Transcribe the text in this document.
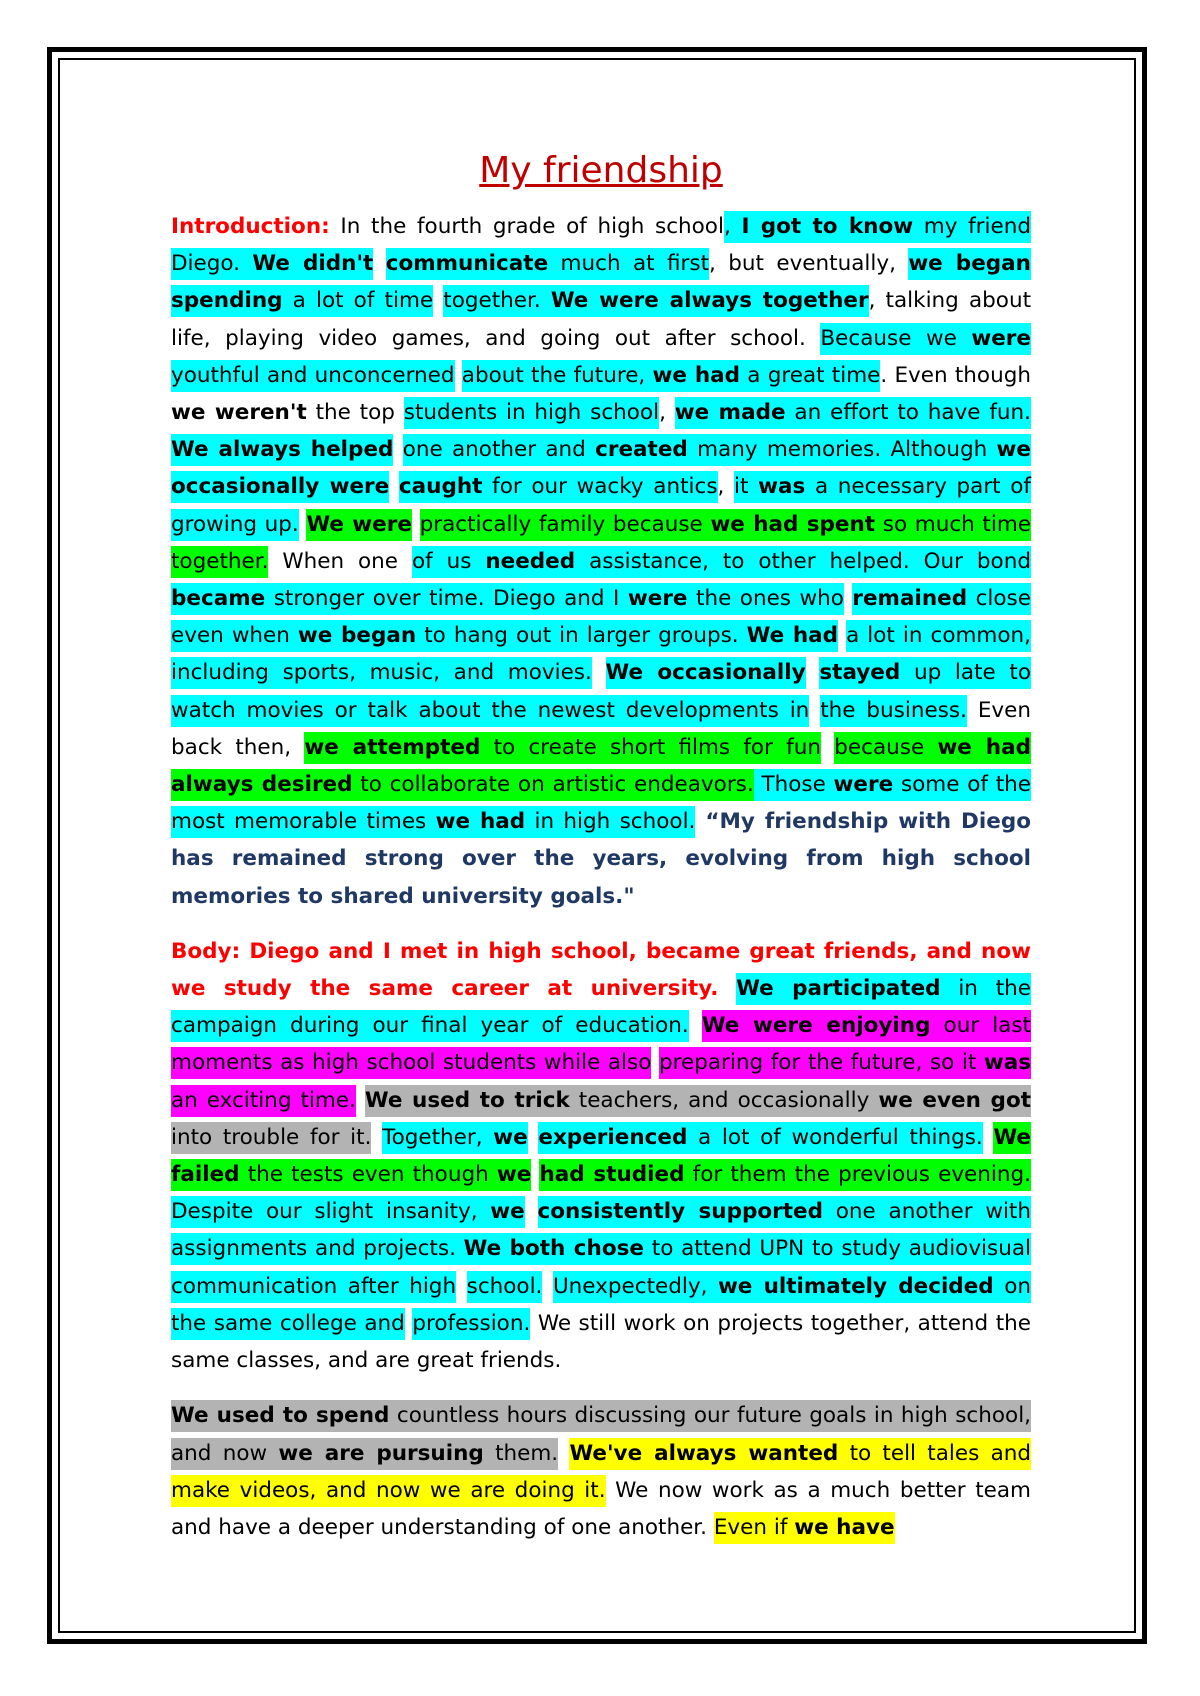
My friendship

Introduction: In the fourth grade of high school, I got to know my friend Diego. We didn't communicate much at first, but eventually, we began spending a lot of time together. We were always together, talking about life, playing video games, and going out after school. Because we were youthful and unconcerned about the future, we had a great time. Even though we weren't the top students in high school, we made an effort to have fun. We always helped one another and created many memories. Although we occasionally were caught for our wacky antics, it was a necessary part of growing up. We were practically family because we had spent so much time together. When one of us needed assistance, to other helped. Our bond became stronger over time. Diego and I were the ones who remained close even when we began to hang out in larger groups. We had a lot in common, including sports, music, and movies. We occasionally stayed up late to watch movies or talk about the newest developments in the business. Even back then, we attempted to create short films for fun because we had always desired to collaborate on artistic endeavors. Those were some of the most memorable times we had in high school. “My friendship with Diego has remained strong over the years, evolving from high school memories to shared university goals."

Body: Diego and I met in high school, became great friends, and now we study the same career at university. We participated in the campaign during our final year of education. We were enjoying our last moments as high school students while also preparing for the future, so it was an exciting time. We used to trick teachers, and occasionally we even got into trouble for it. Together, we experienced a lot of wonderful things. We failed the tests even though we had studied for them the previous evening. Despite our slight insanity, we consistently supported one another with assignments and projects. We both chose to attend UPN to study audiovisual communication after high school. Unexpectedly, we ultimately decided on the same college and profession. We still work on projects together, attend the same classes, and are great friends.

We used to spend countless hours discussing our future goals in high school, and now we are pursuing them. We've always wanted to tell tales and make videos, and now we are doing it. We now work as a much better team and have a deeper understanding of one another. Even if we have
